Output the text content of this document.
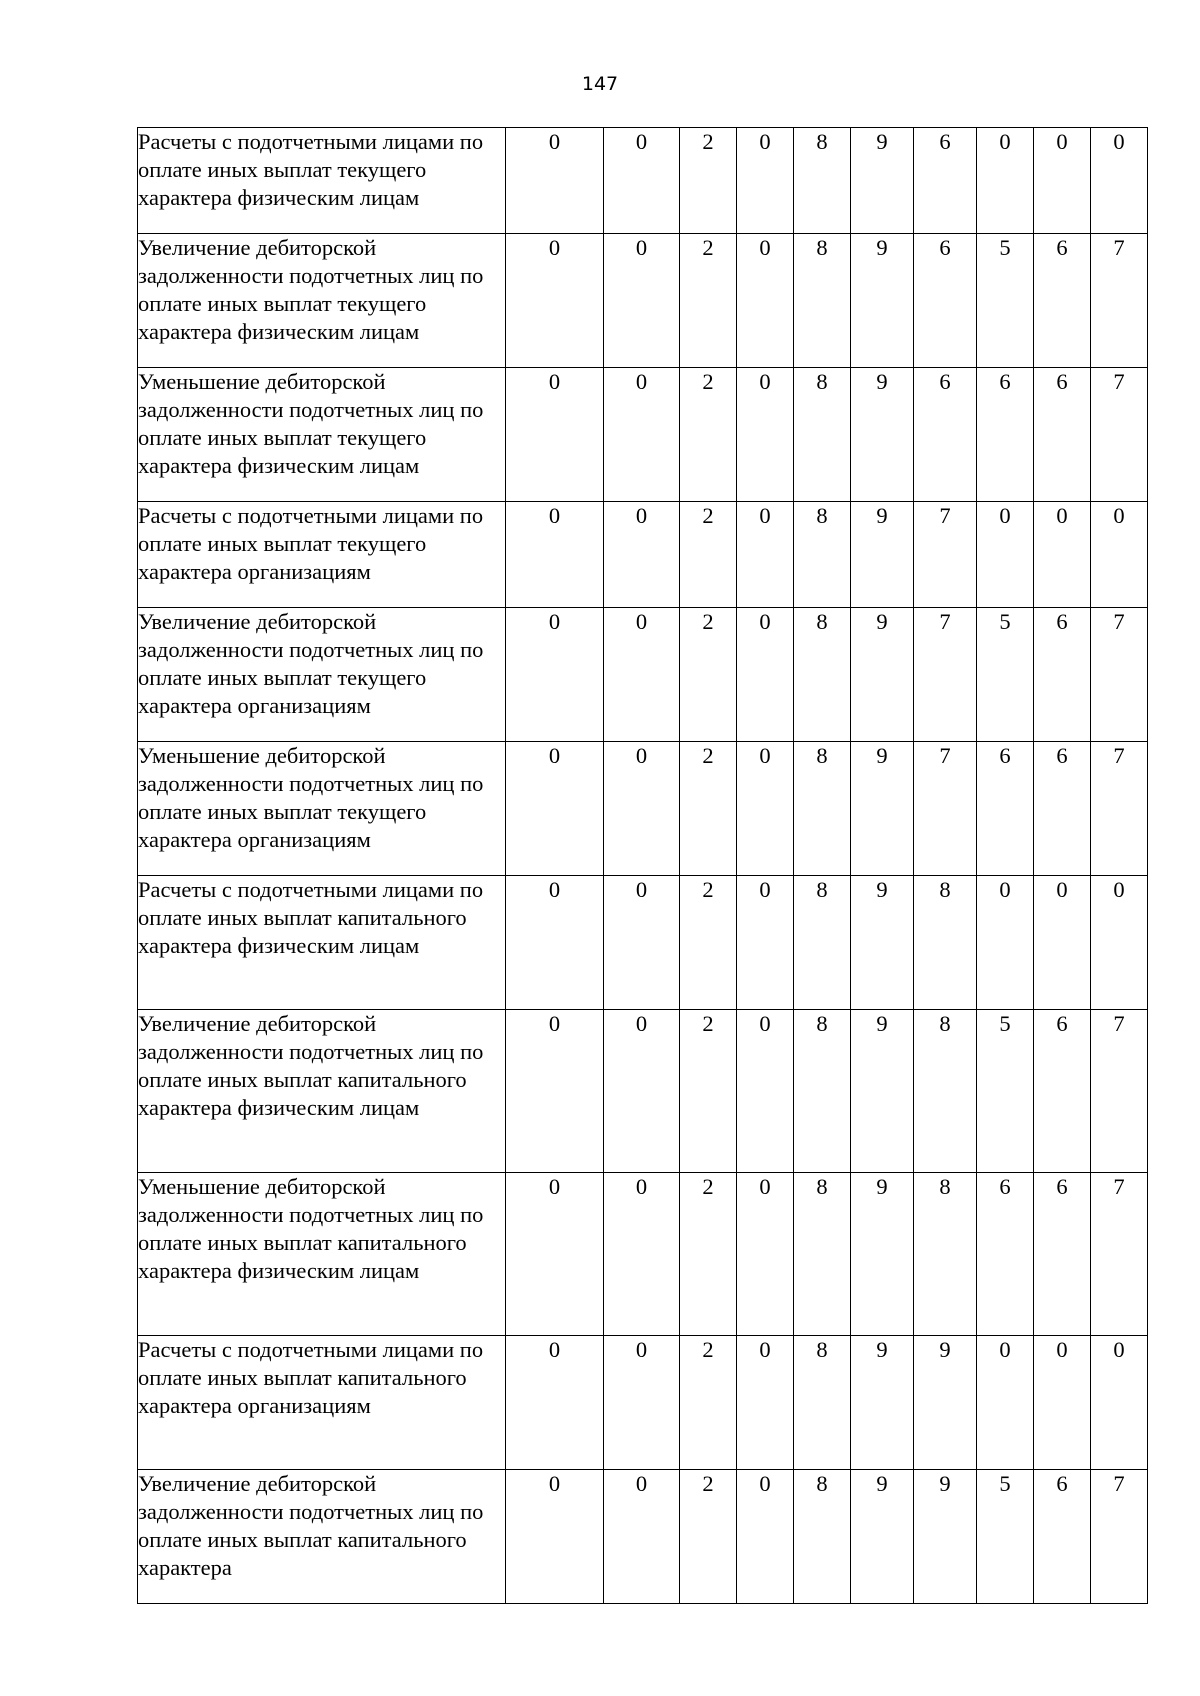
147
Расчеты с подотчетными лицами по оплате иных выплат текущего характера физическим лицам	0	0	2	0	8	9	6	0	0	0
Увеличение дебиторской задолженности подотчетных лиц по оплате иных выплат текущего характера физическим лицам	0	0	2	0	8	9	6	5	6	7
Уменьшение дебиторской задолженности подотчетных лиц по оплате иных выплат текущего характера физическим лицам	0	0	2	0	8	9	6	6	6	7
Расчеты с подотчетными лицами по оплате иных выплат текущего характера организациям	0	0	2	0	8	9	7	0	0	0
Увеличение дебиторской задолженности подотчетных лиц по оплате иных выплат текущего характера организациям	0	0	2	0	8	9	7	5	6	7
Уменьшение дебиторской задолженности подотчетных лиц по оплате иных выплат текущего характера организациям	0	0	2	0	8	9	7	6	6	7
Расчеты с подотчетными лицами по оплате иных выплат капитального характера физическим лицам	0	0	2	0	8	9	8	0	0	0
Увеличение дебиторской задолженности подотчетных лиц по оплате иных выплат капитального характера физическим лицам	0	0	2	0	8	9	8	5	6	7
Уменьшение дебиторской задолженности подотчетных лиц по оплате иных выплат капитального характера физическим лицам	0	0	2	0	8	9	8	6	6	7
Расчеты с подотчетными лицами по оплате иных выплат капитального характера организациям	0	0	2	0	8	9	9	0	0	0
Увеличение дебиторской задолженности подотчетных лиц по оплате иных выплат капитального характера	0	0	2	0	8	9	9	5	6	7
